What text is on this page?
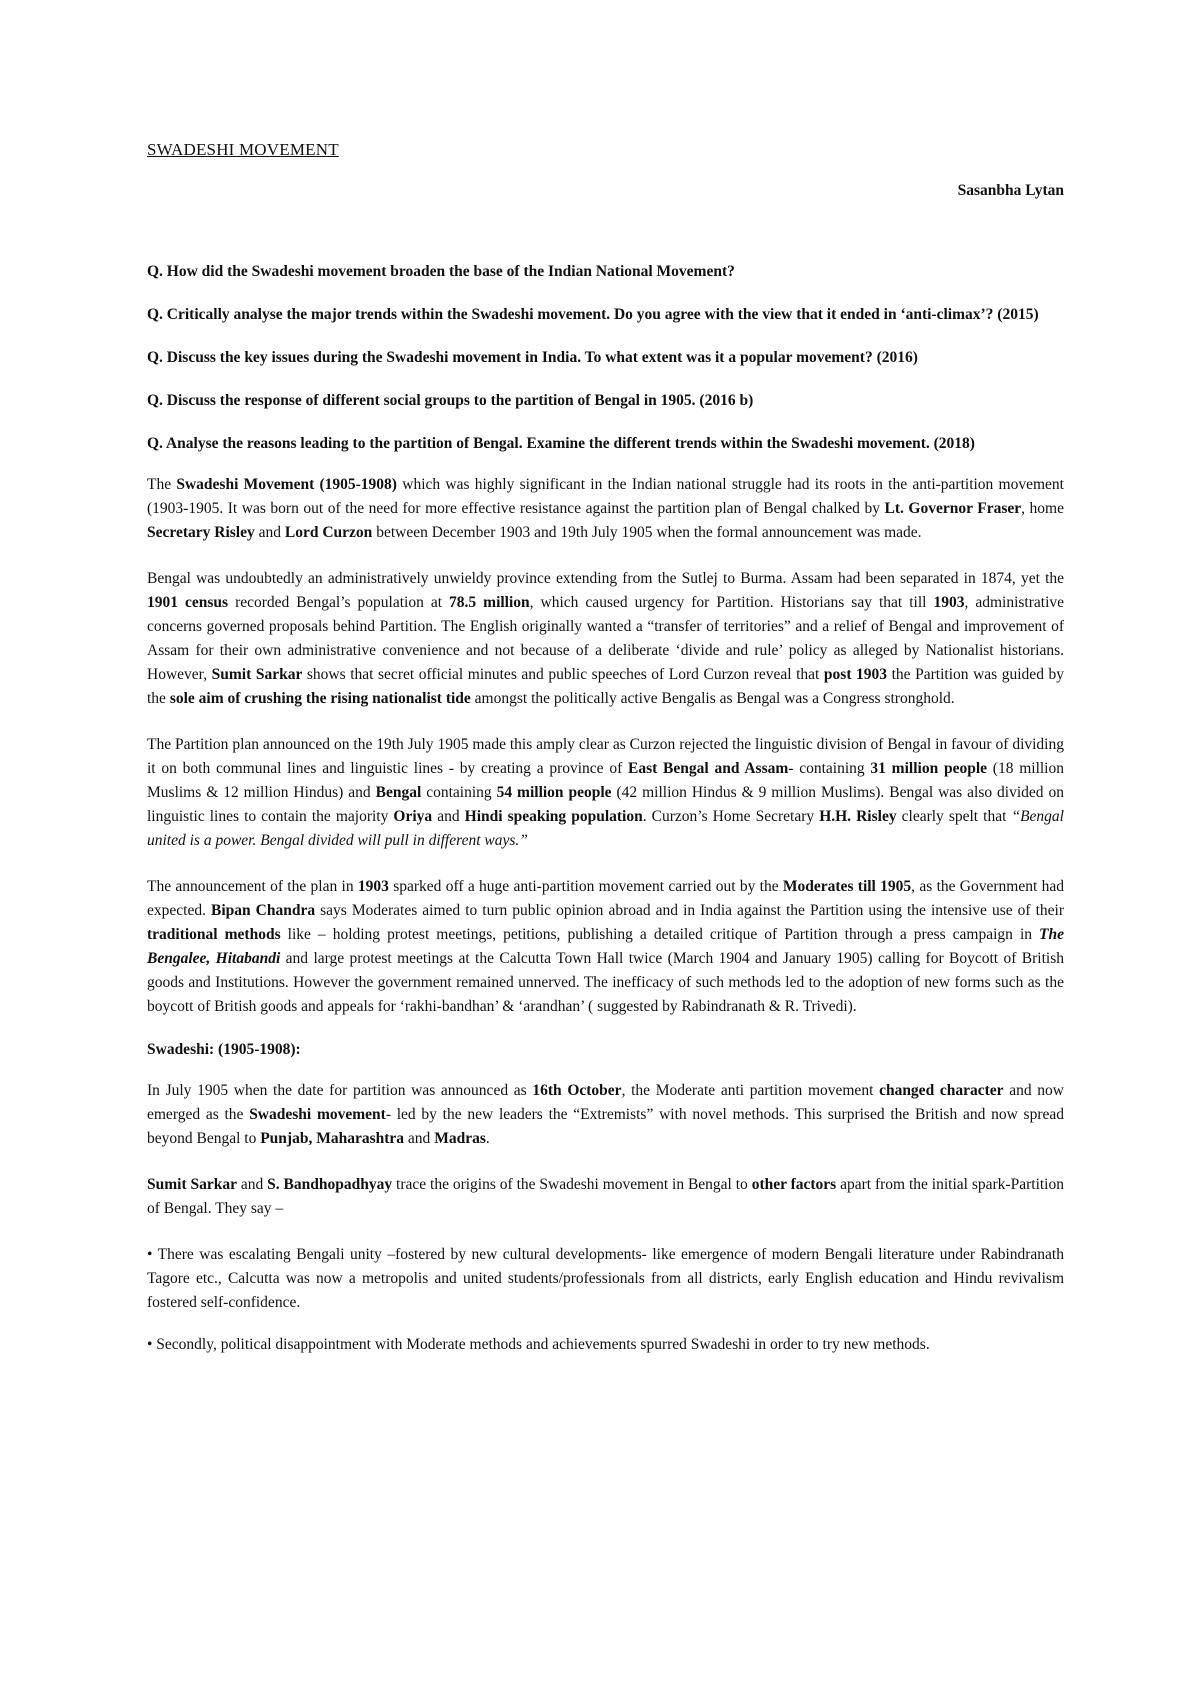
SWADESHI MOVEMENT
Sasanbha Lytan
Q. How did the Swadeshi movement broaden the base of the Indian National Movement?
Q. Critically analyse the major trends within the Swadeshi movement. Do you agree with the view that it ended in ‘anti-climax’? (2015)
Q. Discuss the key issues during the Swadeshi movement in India. To what extent was it a popular movement? (2016)
Q. Discuss the response of different social groups to the partition of Bengal in 1905. (2016 b)
Q. Analyse the reasons leading to the partition of Bengal. Examine the different trends within the Swadeshi movement. (2018)

The Swadeshi Movement (1905-1908) which was highly significant in the Indian national struggle had its roots in the anti-partition movement (1903-1905. It was born out of the need for more effective resistance against the partition plan of Bengal chalked by Lt. Governor Fraser, home Secretary Risley and Lord Curzon between December 1903 and 19th July 1905 when the formal announcement was made.

Bengal was undoubtedly an administratively unwieldy province extending from the Sutlej to Burma. Assam had been separated in 1874, yet the 1901 census recorded Bengal’s population at 78.5 million, which caused urgency for Partition. Historians say that till 1903, administrative concerns governed proposals behind Partition. The English originally wanted a “transfer of territories” and a relief of Bengal and improvement of Assam for their own administrative convenience and not because of a deliberate ‘divide and rule’ policy as alleged by Nationalist historians. However, Sumit Sarkar shows that secret official minutes and public speeches of Lord Curzon reveal that post 1903 the Partition was guided by the sole aim of crushing the rising nationalist tide amongst the politically active Bengalis as Bengal was a Congress stronghold.

The Partition plan announced on the 19th July 1905 made this amply clear as Curzon rejected the linguistic division of Bengal in favour of dividing it on both communal lines and linguistic lines - by creating a province of East Bengal and Assam- containing 31 million people (18 million Muslims & 12 million Hindus) and Bengal containing 54 million people (42 million Hindus & 9 million Muslims). Bengal was also divided on linguistic lines to contain the majority Oriya and Hindi speaking population. Curzon’s Home Secretary H.H. Risley clearly spelt that “Bengal united is a power. Bengal divided will pull in different ways.”

The announcement of the plan in 1903 sparked off a huge anti-partition movement carried out by the Moderates till 1905, as the Government had expected. Bipan Chandra says Moderates aimed to turn public opinion abroad and in India against the Partition using the intensive use of their traditional methods like – holding protest meetings, petitions, publishing a detailed critique of Partition through a press campaign in The Bengalee, Hitabandi and large protest meetings at the Calcutta Town Hall twice (March 1904 and January 1905) calling for Boycott of British goods and Institutions. However the government remained unnerved. The inefficacy of such methods led to the adoption of new forms such as the boycott of British goods and appeals for ‘rakhi-bandhan’ & ‘arandhan’ ( suggested by Rabindranath & R. Trivedi).

Swadeshi: (1905-1908):

In July 1905 when the date for partition was announced as 16th October, the Moderate anti partition movement changed character and now emerged as the Swadeshi movement- led by the new leaders the “Extremists” with novel methods. This surprised the British and now spread beyond Bengal to Punjab, Maharashtra and Madras.

Sumit Sarkar and S. Bandhopadhyay trace the origins of the Swadeshi movement in Bengal to other factors apart from the initial spark-Partition of Bengal. They say –

• There was escalating Bengali unity –fostered by new cultural developments- like emergence of modern Bengali literature under Rabindranath Tagore etc., Calcutta was now a metropolis and united students/professionals from all districts, early English education and Hindu revivalism fostered self-confidence.
• Secondly, political disappointment with Moderate methods and achievements spurred Swadeshi in order to try new methods.
